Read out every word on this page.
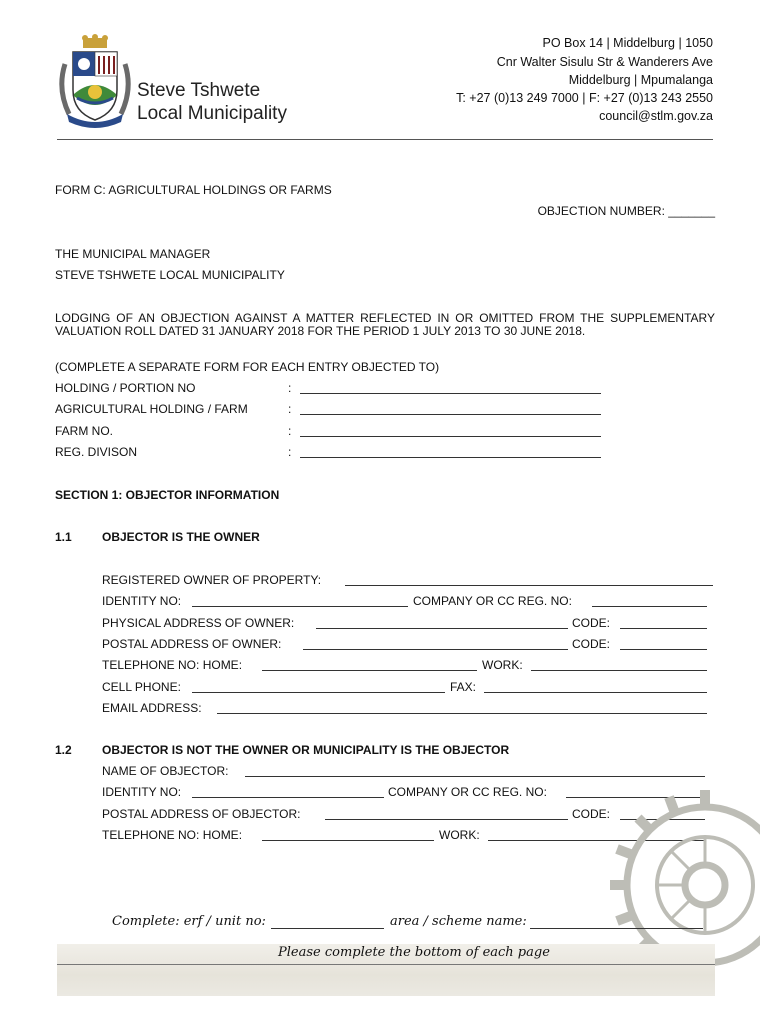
Steve Tshwete
Local Municipality
PO Box 14 | Middelburg | 1050
Cnr Walter Sisulu Str & Wanderers Ave
Middelburg | Mpumalanga
T: +27 (0)13 249 7000 | F: +27 (0)13 243 2550
council@stlm.gov.za
FORM C: AGRICULTURAL HOLDINGS OR FARMS
OBJECTION NUMBER: _______
THE MUNICIPAL MANAGER
STEVE TSHWETE LOCAL MUNICIPALITY
LODGING OF AN OBJECTION AGAINST A MATTER REFLECTED IN OR OMITTED FROM THE SUPPLEMENTARY VALUATION ROLL DATED 31 JANUARY 2018 FOR THE PERIOD 1 JULY 2013 TO 30 JUNE 2018.
(COMPLETE A SEPARATE FORM FOR EACH ENTRY OBJECTED TO)
HOLDING / PORTION NO	:
AGRICULTURAL HOLDING / FARM	:
FARM NO.	:
REG. DIVISON	:
SECTION 1: OBJECTOR INFORMATION
1.1	OBJECTOR IS THE OWNER
REGISTERED OWNER OF PROPERTY:
IDENTITY NO:	COMPANY OR CC REG. NO:
PHYSICAL ADDRESS OF OWNER:	CODE:
POSTAL ADDRESS OF OWNER:	CODE:
TELEPHONE NO: HOME:	WORK:
CELL PHONE:	FAX:
EMAIL ADDRESS:
1.2	OBJECTOR IS NOT THE OWNER OR MUNICIPALITY IS THE OBJECTOR
NAME OF OBJECTOR:
IDENTITY NO:	COMPANY OR CC REG. NO:
POSTAL ADDRESS OF OBJECTOR:	CODE:
TELEPHONE NO: HOME:	WORK:
Complete: erf / unit no:	area / scheme name:
Please complete the bottom of each page
